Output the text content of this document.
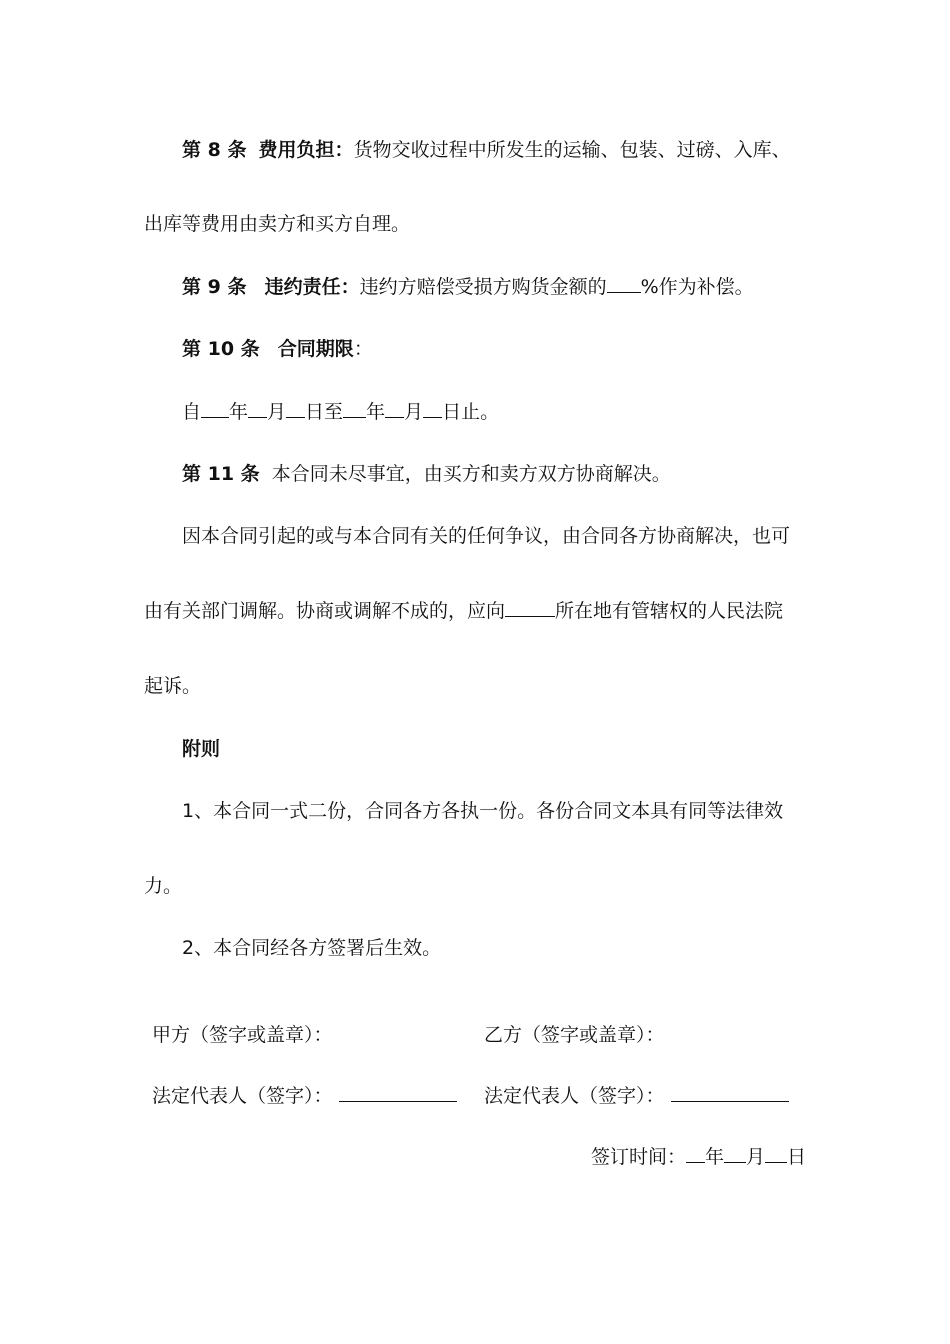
第 8 条 费用负担：货物交收过程中所发生的运输、包装、过磅、入库、
出库等费用由卖方和买方自理。
第 9 条 违约责任：违约方赔偿受损方购货金额的 %作为补偿。
第 10 条 合同期限：
自 年 月 日至 年 月 日止。
第 11 条 本合同未尽事宜，由买方和卖方双方协商解决。
因本合同引起的或与本合同有关的任何争议，由合同各方协商解决，也可
由有关部门调解。协商或调解不成的，应向	所在地有管辖权的人民法院
起诉。
附则
1、本合同一式二份，合同各方各执一份。各份合同文本具有同等法律效
力。
2、本合同经各方签署后生效。
甲方（签字或盖章）：	乙方（签字或盖章）：
法定代表人（签字）：	法定代表人（签字）：
签订时间： 年 月 日
